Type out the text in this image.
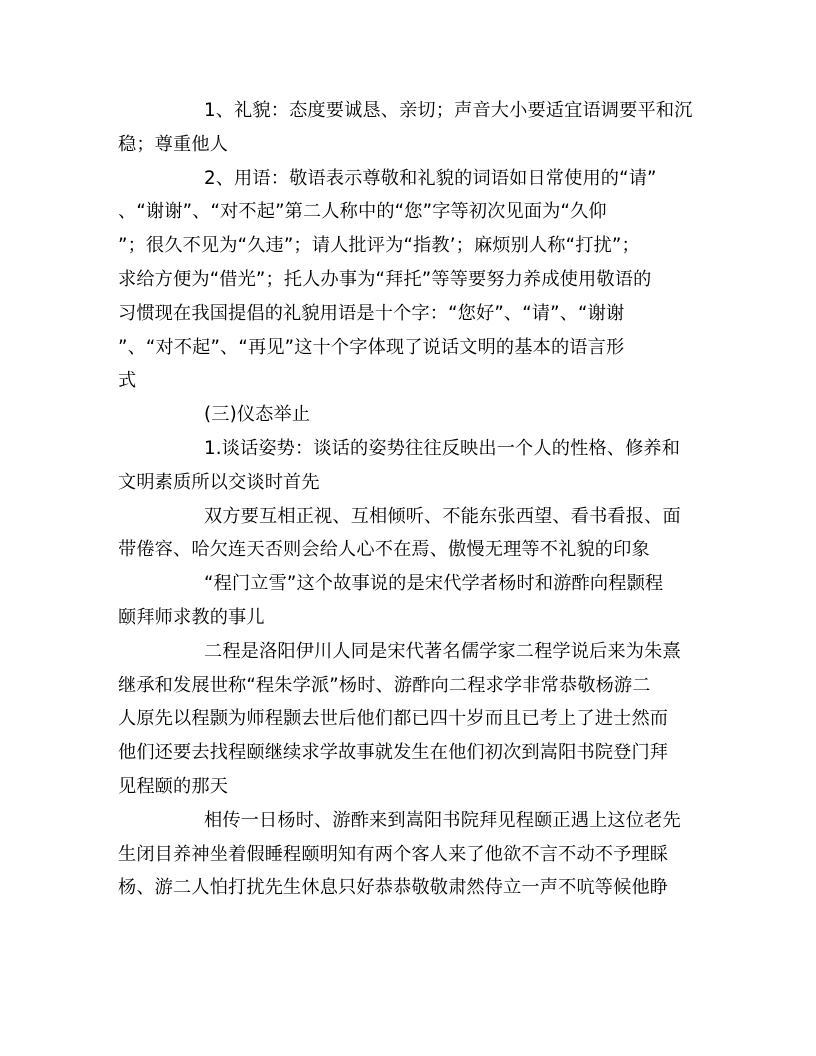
1、礼貌：态度要诚恳、亲切；声音大小要适宜语调要平和沉
稳；尊重他人
2、用语：敬语表示尊敬和礼貌的词语如日常使用的“请”
、“谢谢”、“对不起”第二人称中的“您”字等初次见面为“久仰
”；很久不见为“久违”；请人批评为“指教’；麻烦别人称“打扰”；
求给方便为“借光”；托人办事为“拜托”等等要努力养成使用敬语的
习惯现在我国提倡的礼貌用语是十个字：“您好”、“请”、“谢谢
”、“对不起”、“再见”这十个字体现了说话文明的基本的语言形
式
(三)仪态举止
1.谈话姿势：谈话的姿势往往反映出一个人的性格、修养和
文明素质所以交谈时首先
双方要互相正视、互相倾听、不能东张西望、看书看报、面
带倦容、哈欠连天否则会给人心不在焉、傲慢无理等不礼貌的印象
“程门立雪”这个故事说的是宋代学者杨时和游酢向程颢程
颐拜师求教的事儿
二程是洛阳伊川人同是宋代著名儒学家二程学说后来为朱熹
继承和发展世称“程朱学派”杨时、游酢向二程求学非常恭敬杨游二
人原先以程颢为师程颢去世后他们都已四十岁而且已考上了进士然而
他们还要去找程颐继续求学故事就发生在他们初次到嵩阳书院登门拜
见程颐的那天
相传一日杨时、游酢来到嵩阳书院拜见程颐正遇上这位老先
生闭目养神坐着假睡程颐明知有两个客人来了他欲不言不动不予理睬
杨、游二人怕打扰先生休息只好恭恭敬敬肃然侍立一声不吭等候他睁
